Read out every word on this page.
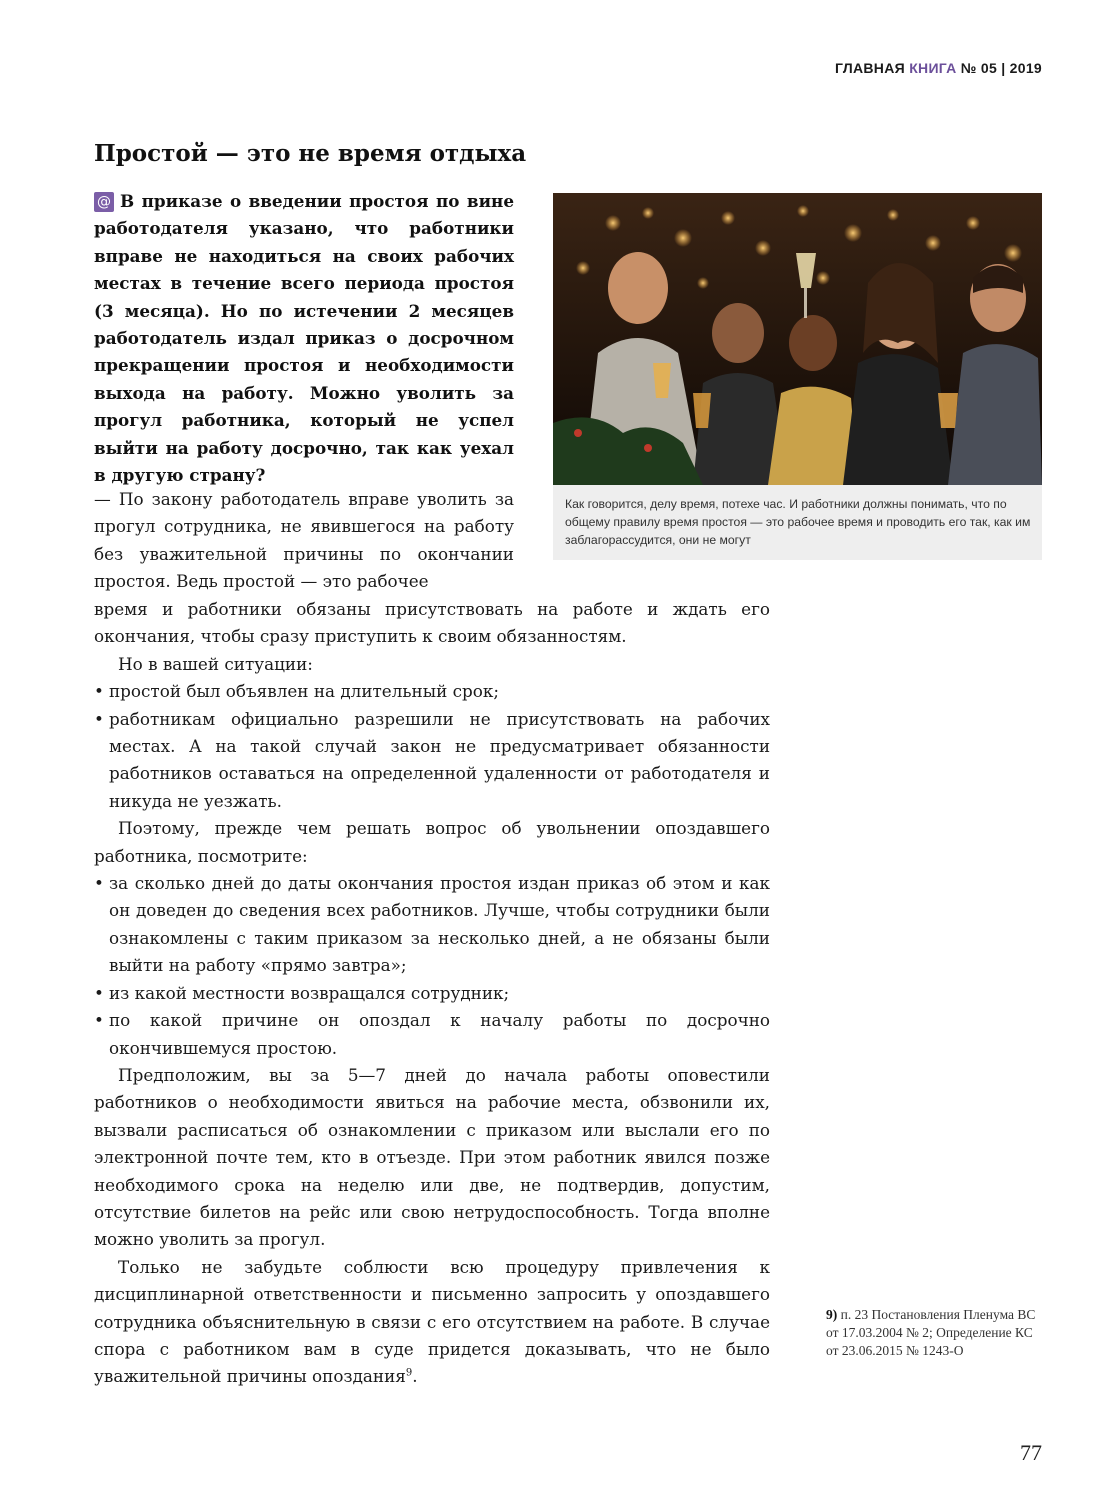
ГЛАВНАЯ КНИГА № 05 | 2019
Простой — это не время отдыха
@ В приказе о введении простоя по вине работодателя указано, что работники вправе не находиться на своих рабочих местах в течение всего периода простоя (3 месяца). Но по истечении 2 месяцев работодатель издал приказ о досрочном прекращении простоя и необходимости выхода на работу. Можно уволить за прогул работника, который не успел выйти на работу досрочно, так как уехал в другую страну?
Как говорится, делу время, потехе час. И работники должны понимать, что по общему правилу время простоя — это рабочее время и проводить его так, как им заблагорассудится, они не могут

— По закону работодатель вправе уволить за прогул сотрудника, не явившегося на работу без уважительной причины по окончании простоя. Ведь простой — это рабочее

время и работники обязаны присутствовать на работе и ждать его окончания, чтобы сразу приступить к своим обязанностям.

Но в вашей ситуации:

• простой был объявлен на длительный срок;
• работникам официально разрешили не присутствовать на рабочих местах. А на такой случай закон не предусматривает обязанности работников оставаться на определенной удаленности от работодателя и никуда не уезжать.

Поэтому, прежде чем решать вопрос об увольнении опоздавшего работника, посмотрите:

• за сколько дней до даты окончания простоя издан приказ об этом и как он доведен до сведения всех работников. Лучше, чтобы сотрудники были ознакомлены с таким приказом за несколько дней, а не обязаны были выйти на работу «прямо завтра»;
• из какой местности возвращался сотрудник;
• по какой причине он опоздал к началу работы по досрочно окончившемуся простою.

Предположим, вы за 5—7 дней до начала работы оповестили работников о необходимости явиться на рабочие места, обзвонили их, вызвали расписаться об ознакомлении с приказом или выслали его по электронной почте тем, кто в отъезде. При этом работник явился позже необходимого срока на неделю или две, не подтвердив, допустим, отсутствие билетов на рейс или свою нетрудоспособность. Тогда вполне можно уволить за прогул.

Только не забудьте соблюсти всю процедуру привлечения к дисциплинарной ответственности и письменно запросить у опоздавшего сотрудника объяснительную в связи с его отсутствием на работе. В случае спора с работником вам в суде придется доказывать, что не было уважительной причины опоздания$^9$.

9) п. 23 Постановления Пленума ВС от 17.03.2004 № 2; Определение КС от 23.06.2015 № 1243-О
77
